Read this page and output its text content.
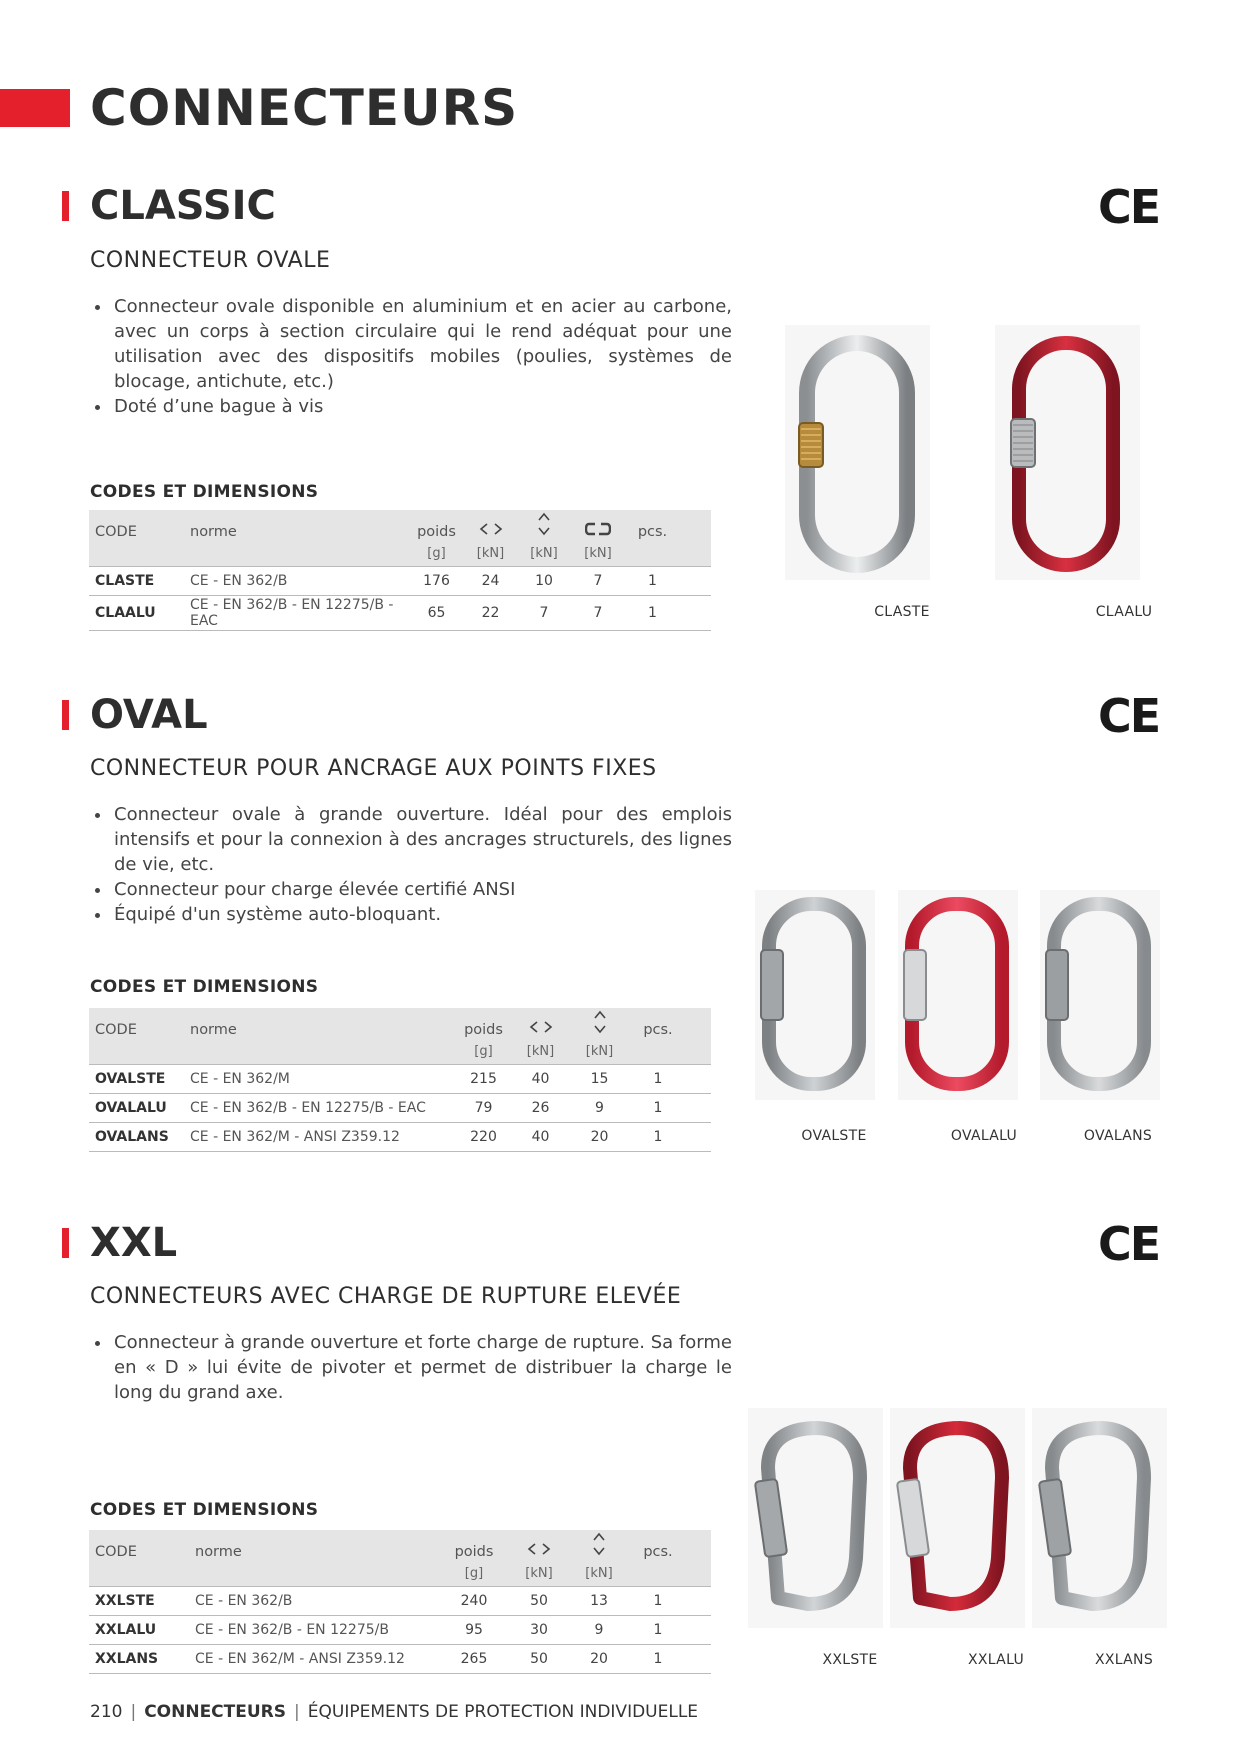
CONNECTEURS
CLASSIC	CE
CONNECTEUR OVALE
• Connecteur ovale disponible en aluminium et en acier au carbone, avec un corps à section circulaire qui le rend adéquat pour une utilisation avec des dispositifs mobiles (poulies, systèmes de blocage, antichute, etc.)
• Doté d’une bague à vis
CODES ET DIMENSIONS
CODE	norme	poids				pcs.	
		[g]	[kN]	[kN]	[kN]		
CLASTE	CE - EN 362/B	176	24	10	7	1	
CLAALU	CE - EN 362/B - EN 12275/B - EAC	65	22	7	7	1		CLASTE	CLAALU
OVAL	CE
CONNECTEUR POUR ANCRAGE AUX POINTS FIXES
• Connecteur ovale à grande ouverture. Idéal pour des emplois intensifs et pour la connexion à des ancrages structurels, des lignes de vie, etc.
• Connecteur pour charge élevée certifié ANSI
• Équipé d'un système auto-bloquant.
CODES ET DIMENSIONS
CODE	norme	poids			pcs.	
		[g]	[kN]	[kN]		
OVALSTE	CE - EN 362/M	215	40	15	1	
OVALALU	CE - EN 362/B - EN 12275/B - EAC	79	26	9	1	
OVALANS	CE - EN 362/M - ANSI Z359.12	220	40	20	1		OVALSTE	OVALALU	OVALANS
XXL	CE
CONNECTEURS AVEC CHARGE DE RUPTURE ELEVÉE
• Connecteur à grande ouverture et forte charge de rupture. Sa forme en « D » lui évite de pivoter et permet de distribuer la charge le long du grand axe.
CODES ET DIMENSIONS
CODE	norme	poids			pcs.	
		[g]	[kN]	[kN]		
XXLSTE	CE - EN 362/B	240	50	13	1	
XXLALU	CE - EN 362/B - EN 12275/B	95	30	9	1	
XXLANS	CE - EN 362/M - ANSI Z359.12	265	50	20	1		XXLSTE	XXLALU	XXLANS
210 | CONNECTEURS | ÉQUIPEMENTS DE PROTECTION INDIVIDUELLE
